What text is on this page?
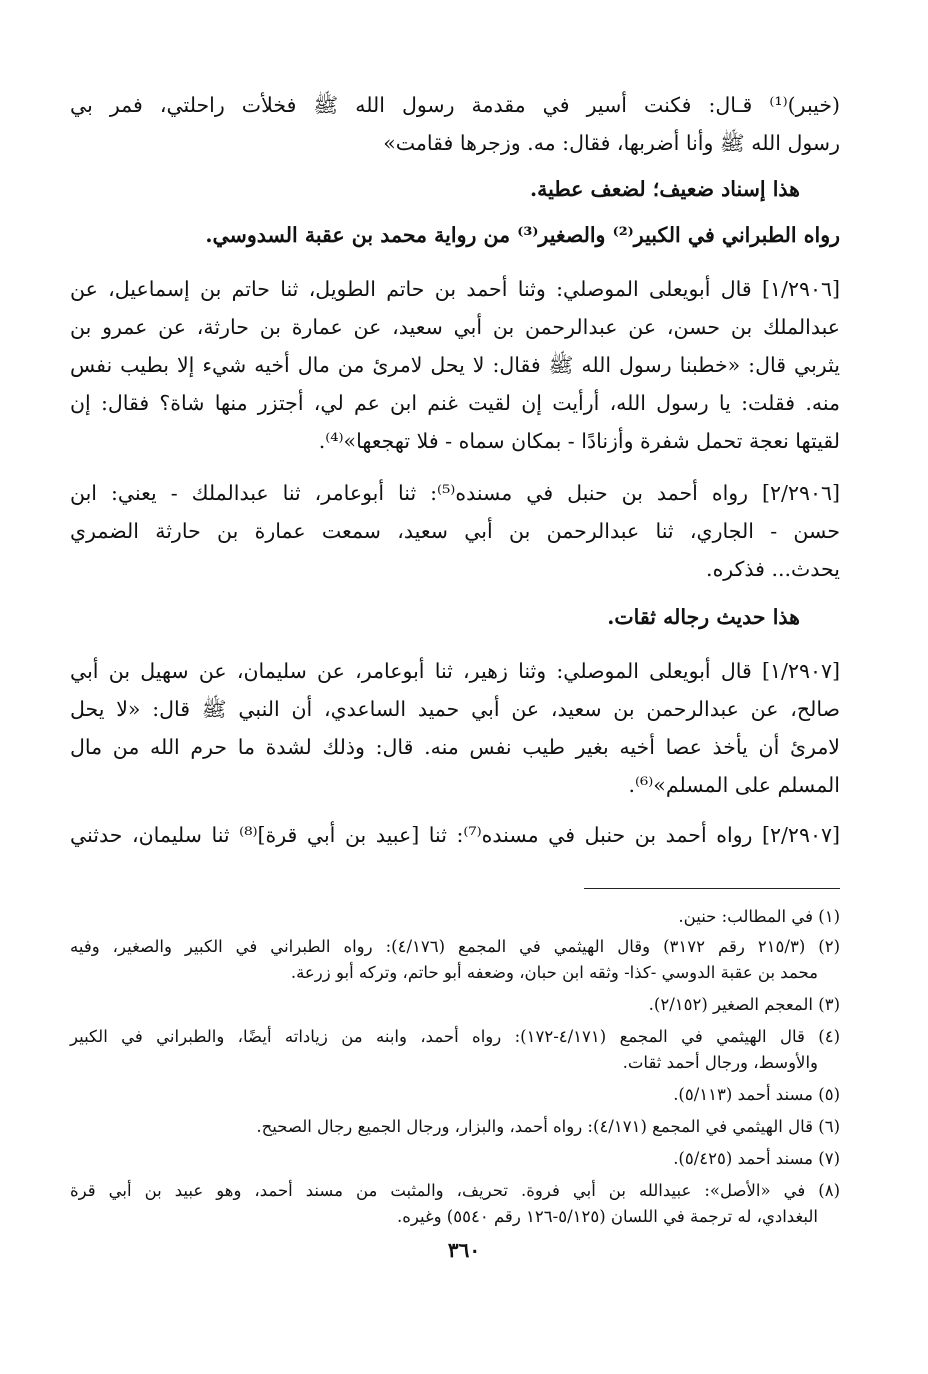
(خيبر)⁽¹⁾ قـال: فكنت أسير في مقدمة رسول الله ﷺ فخلأت راحلتي، فمر بي
رسول الله ﷺ وأنا أضربها، فقال: مه. وزجرها فقامت»
هذا إسناد ضعيف؛ لضعف عطية.
رواه الطبراني في الكبير⁽²⁾ والصغير⁽³⁾ من رواية محمد بن عقبة السدوسي.
[١/٢٩٠٦] قال أبويعلى الموصلي: وثنا أحمد بن حاتم الطويل، ثنا حاتم بن إسماعيل، عن
عبدالملك بن حسن، عن عبدالرحمن بن أبي سعيد، عن عمارة بن حارثة، عن عمرو بن
يثربي قال: «خطبنا رسول الله ﷺ فقال: لا يحل لامرئ من مال أخيه شيء إلا بطيب نفس
منه. فقلت: يا رسول الله، أرأيت إن لقيت غنم ابن عم لي، أجتزر منها شاة؟ فقال: إن
لقيتها نعجة تحمل شفرة وأزنادًا - بمكان سماه - فلا تهجعها»⁽⁴⁾.
[٢/٢٩٠٦] رواه أحمد بن حنبل في مسنده⁽⁵⁾: ثنا أبوعامر، ثنا عبدالملك - يعني: ابن
حسن - الجاري، ثنا عبدالرحمن بن أبي سعيد، سمعت عمارة بن حارثة الضمري
يحدث... فذكره.
هذا حديث رجاله ثقات.
[١/٢٩٠٧] قال أبويعلى الموصلي: وثنا زهير، ثنا أبوعامر، عن سليمان، عن سهيل بن أبي
صالح، عن عبدالرحمن بن سعيد، عن أبي حميد الساعدي، أن النبي ﷺ قال: «لا يحل
لامرئ أن يأخذ عصا أخيه بغير طيب نفس منه. قال: وذلك لشدة ما حرم الله من مال
المسلم على المسلم»⁽⁶⁾.
[٢/٢٩٠٧] رواه أحمد بن حنبل في مسنده⁽⁷⁾: ثنا [عبيد بن أبي قرة]⁽⁸⁾ ثنا سليمان، حدثني
(١) في المطالب: حنين.
(٢) (٢١٥/٣ رقم ٣١٧٢) وقال الهيثمي في المجمع (٤/١٧٦): رواه الطبراني في الكبير والصغير، وفيه
محمد بن عقبة الدوسي -كذا- وثقه ابن حبان، وضعفه أبو حاتم، وتركه أبو زرعة.
(٣) المعجم الصغير (٢/١٥٢).
(٤) قال الهيثمي في المجمع (٤/١٧١-١٧٢): رواه أحمد، وابنه من زياداته أيضًا، والطبراني في الكبير
والأوسط، ورجال أحمد ثقات.
(٥) مسند أحمد (٥/١١٣).
(٦) قال الهيثمي في المجمع (٤/١٧١): رواه أحمد، والبزار، ورجال الجميع رجال الصحيح.
(٧) مسند أحمد (٥/٤٢٥).
(٨) في «الأصل»: عبيدالله بن أبي فروة. تحريف، والمثبت من مسند أحمد، وهو عبيد بن أبي قرة
البغدادي، له ترجمة في اللسان (٥/١٢٥-١٢٦ رقم ٥٥٤٠) وغيره.
٣٦٠
